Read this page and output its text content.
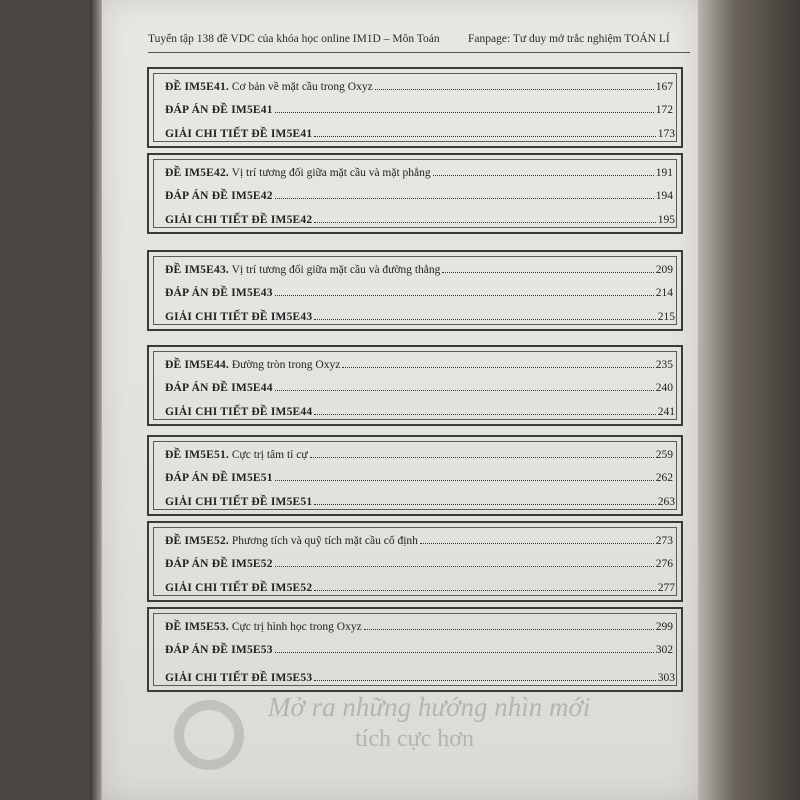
Tuyển tập 138 đề VDC của khóa học online IM1D – Môn Toán Fanpage: Tư duy mở trắc nghiệm TOÁN LÍ
ĐỀ IM5E41. Cơ bản về mặt cầu trong Oxyz	167
ĐÁP ÁN ĐỀ IM5E41	172
GIẢI CHI TIẾT ĐỀ IM5E41	173
ĐỀ IM5E42. Vị trí tương đối giữa mặt cầu và mặt phẳng	191
ĐÁP ÁN ĐỀ IM5E42	194
GIẢI CHI TIẾT ĐỀ IM5E42	195
ĐỀ IM5E43. Vị trí tương đối giữa mặt cầu và đường thẳng	209
ĐÁP ÁN ĐỀ IM5E43	214
GIẢI CHI TIẾT ĐỀ IM5E43	215
ĐỀ IM5E44. Đường tròn trong Oxyz	235
ĐÁP ÁN ĐỀ IM5E44	240
GIẢI CHI TIẾT ĐỀ IM5E44	241
ĐỀ IM5E51. Cực trị tâm tỉ cự	259
ĐÁP ÁN ĐỀ IM5E51	262
GIẢI CHI TIẾT ĐỀ IM5E51	263
ĐỀ IM5E52. Phương tích và quỹ tích mặt cầu cố định	273
ĐÁP ÁN ĐỀ IM5E52	276
GIẢI CHI TIẾT ĐỀ IM5E52	277
ĐỀ IM5E53. Cực trị hình học trong Oxyz	299
ĐÁP ÁN ĐỀ IM5E53	302
GIẢI CHI TIẾT ĐỀ IM5E53	303
Mở ra những hướng nhìn mới
tích cực hơn
